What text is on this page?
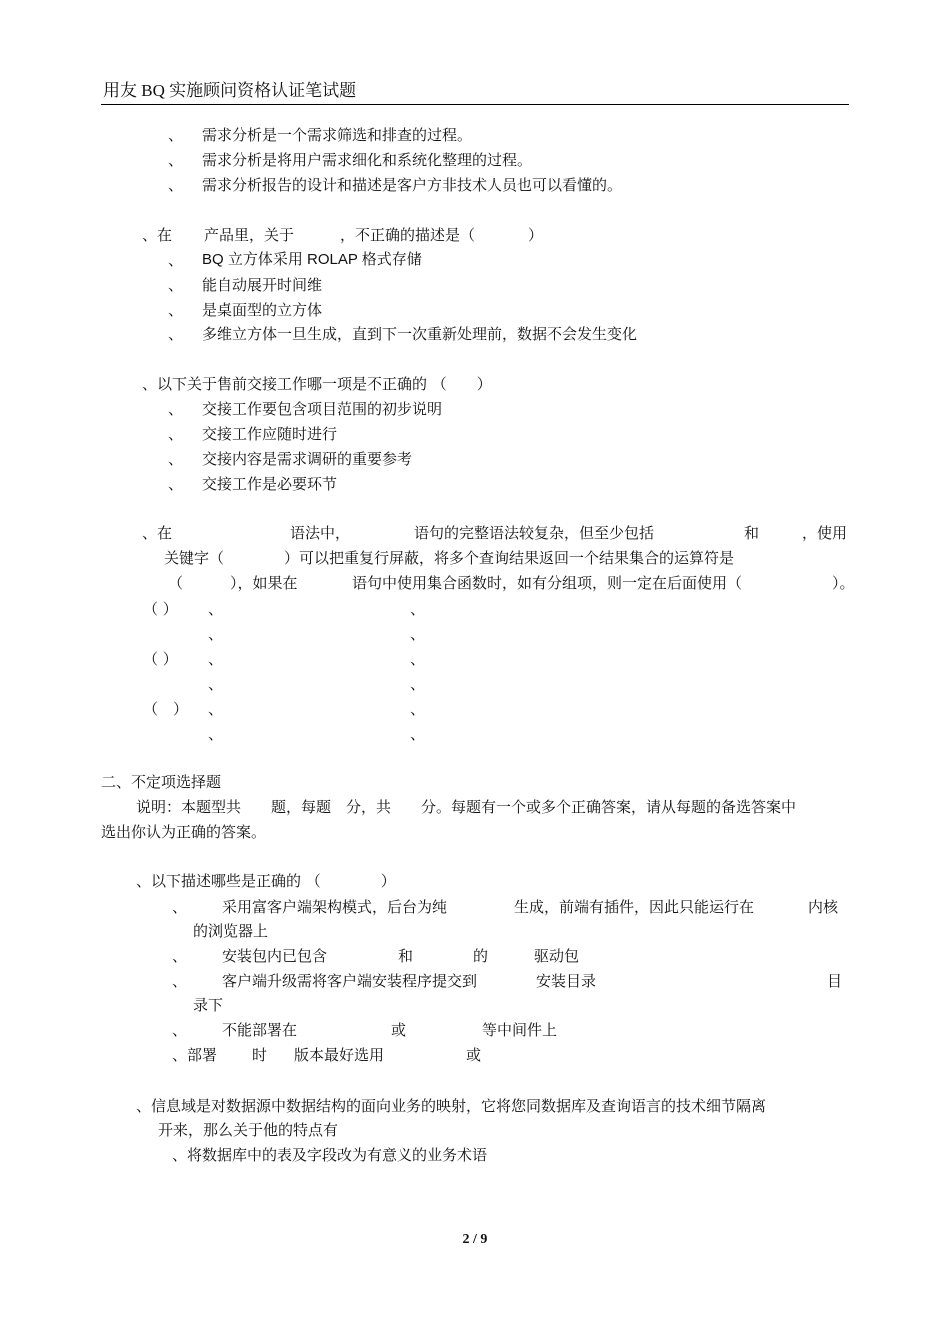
用友 BQ 实施顾问资格认证笔试题
、 需求分析是一个需求筛选和排查的过程。
、 需求分析是将用户需求细化和系统化整理的过程。
、 需求分析报告的设计和描述是客户方非技术人员也可以看懂的。
、在 产品里，关于	，不正确的描述是（	）
、 BQ 立方体采用 ROLAP 格式存储
、 能自动展开时间维
、 是桌面型的立方体
、 多维立方体一旦生成，直到下一次重新处理前，数据不会发生变化
、以下关于售前交接工作哪一项是不正确的 （　　）
、 交接工作要包含项目范围的初步说明
、 交接工作应随时进行
、 交接内容是需求调研的重要参考
、 交接工作是必要环节
、在	语法中，	语句的完整语法较复杂，但至少包括	和	，使用
关键字（　　　　）可以把重复行屏蔽，将多个查询结果返回一个结果集合的运算符是
（	），如果在	语句中使用集合函数时，如有分组项，则一定在后面使用（	）。
（ ） 、	、
、	、
（ ） 、	、
、	、
（　） 、	、
、	、
二、不定项选择题
说明：本题型共　　题，每题　分，共　　分。每题有一个或多个正确答案，请从每题的备选答案中
选出你认为正确的答案。
、以下描述哪些是正确的 （　　　　）
、 采用富客户端架构模式，后台为纯	生成，前端有插件，因此只能运行在	内核
的浏览器上
、 安装包内已包含	和	的	驱动包
、 客户端升级需将客户端安装程序提交到	安装目录	目
录下
、 不能部署在	或	等中间件上
、部署 时 版本最好选用	或
、信息域是对数据源中数据结构的面向业务的映射，它将您同数据库及查询语言的技术细节隔离
开来，那么关于他的特点有
、将数据库中的表及字段改为有意义的业务术语
2 / 9
